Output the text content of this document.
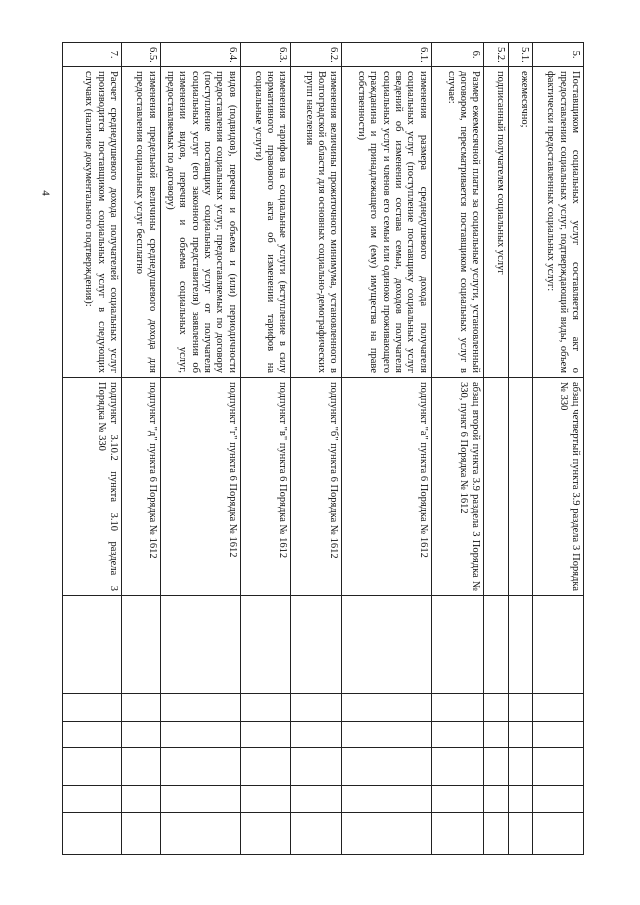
4
5.	Поставщиком социальных услуг составляется акт о предоставлении социальных услуг, подтверждающий виды, объем фактически предоставленных социальных услуг:	абзац четвертый пункта 3.9 раздела 3 Порядка № 330						
5.1.	ежемесячно;							
5.2.	подписанный получателем социальных услуг							
6.	Размер ежемесячной платы за социальные услуги, установленный договором, пересматривается поставщиком социальных услуг в случае:	абзац второй пункта 3.9 раздела 3 Порядка № 330, пункт 6 Порядка № 1612						
6.1.	изменения размера среднедушевого дохода получателя социальных услуг (поступление поставщику социальных услуг сведений об изменении состава семьи, доходов получателя социальных услуг и членов его семьи или одиноко проживающего гражданина и принадлежащего им (ему) имущества на праве собственности)	подпункт "а" пункта 6 Порядка № 1612						
6.2.	изменения величины прожиточного минимума, установленного в Волгоградской области для основных социально-демографических групп населения	подпункт "б" пункта 6 Порядка № 1612						
6.3.	изменения тарифов на социальные услуги (вступление в силу нормативного правового акта об изменении тарифов на социальные услуги)	подпункт "в" пункта 6 Порядка № 1612						
6.4.	видов (подвидов), перечня и объема и (или) периодичности предоставления социальных услуг, предоставляемых по договору (поступление поставщику социальных услуг от получателя социальных услуг (его законного представителя) заявления об изменении видов, перечня и объема социальных услуг, предоставляемых по договору)	подпункт "г" пункта 6 Порядка № 1612						
6.5.	изменения предельной величины среднедушевого дохода для предоставления социальных услуг бесплатно	подпункт "д" пункта 6 Порядка № 1612						
7.	Расчет среднедушевого дохода получателей социальных услуг производится поставщиком социальных услуг в следующих случаях (наличие документального подтверждения):	подпункт 3.10.2 пункта 3.10 раздела 3 Порядка № 330						
